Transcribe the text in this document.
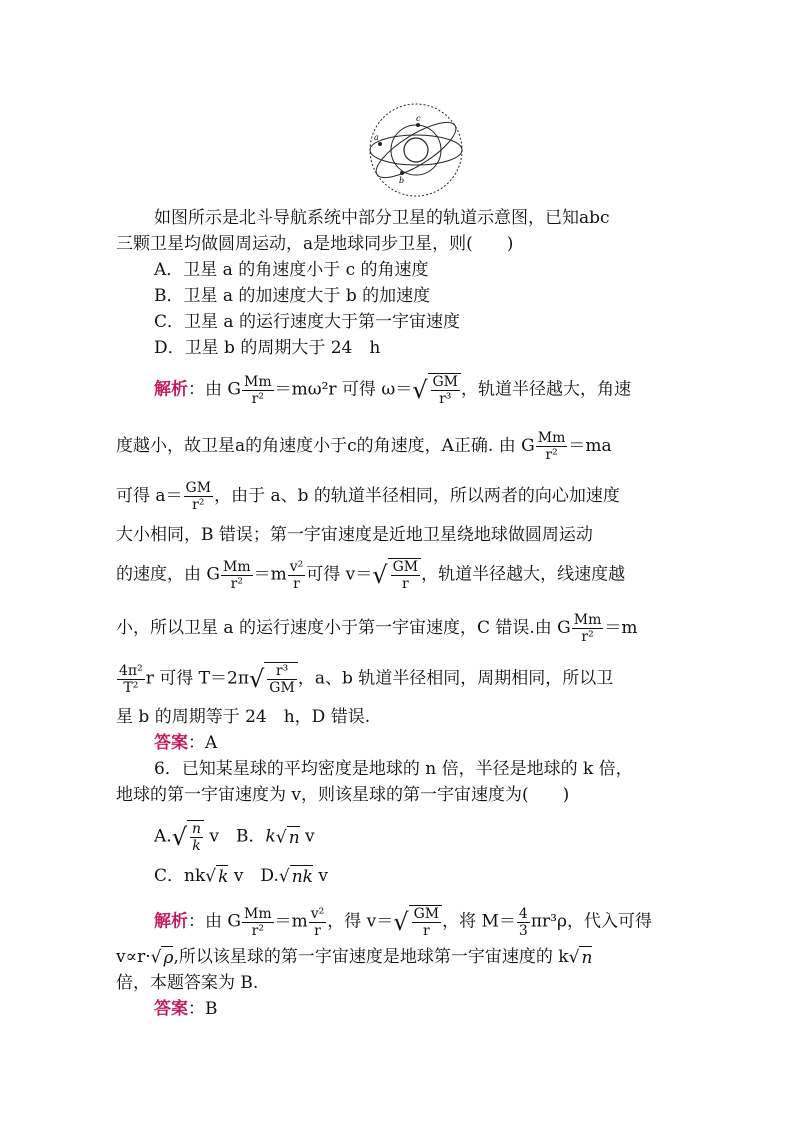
a
b
c
如图所示是北斗导航系统中部分卫星的轨道示意图，已知abc
三颗卫星均做圆周运动，a是地球同步卫星，则(　　)
A．卫星 a 的角速度小于 c 的角速度
B．卫星 a 的加速度大于 b 的加速度
C．卫星 a 的运行速度大于第一宇宙速度
D．卫星 b 的周期大于 24　h
解析：由 G $\frac{Mm}{\text{r²}} =m\omega^2r$ 可得 $\omega=√ \frac{GM}{\text{r³}}$ ，轨道半径越大，角速
度越小，故卫星a的角速度小于c的角速度，A正确. 由 G $\frac{Mm}{\text{r²}} =ma$
可得 $a= \frac{GM}{\text{r²}}$ ，由于 a、b 的轨道半径相同，所以两者的向心加速度
大小相同，B 错误；第一宇宙速度是近地卫星绕地球做圆周运动
的速度，由 G $\frac{Mm}{\text{r²}} =m \frac{\text{v²}}{r}$ 可得 $v=√ \frac{GM}{r}$ ，轨道半径越大，线速度越
小，所以卫星 a 的运行速度小于第一宇宙速度，C 错误.由 G $\frac{Mm}{\text{r²}} =m$
$\frac{\text{4π²}}{\text{T²}}$ r 可得 $T=2\pi√ \frac{\text{r³}}{GM}$ ，a、b 轨道半径相同，周期相同，所以卫
星 b 的周期等于 24　h，D 错误.
答案：A
6．已知某星球的平均密度是地球的 n 倍，半径是地球的 k 倍，
地球的第一宇宙速度为 v，则该星球的第一宇宙速度为(　　)
$A.√ \frac{n}{k}$ v　B．k√ n v
C．nk√ k v　D.√ nk v
解析：由 G $\frac{Mm}{\text{r²}} =m \frac{\text{v²}}{r}$ ，得 $v=√ \frac{GM}{r}$ ，将 $M= \frac{4}{3} \pi r^3\rho$，代入可得
v∝r·√ ρ,所以该星球的第一宇宙速度是地球第一宇宙速度的 k√ n
倍，本题答案为 B.
答案：B
